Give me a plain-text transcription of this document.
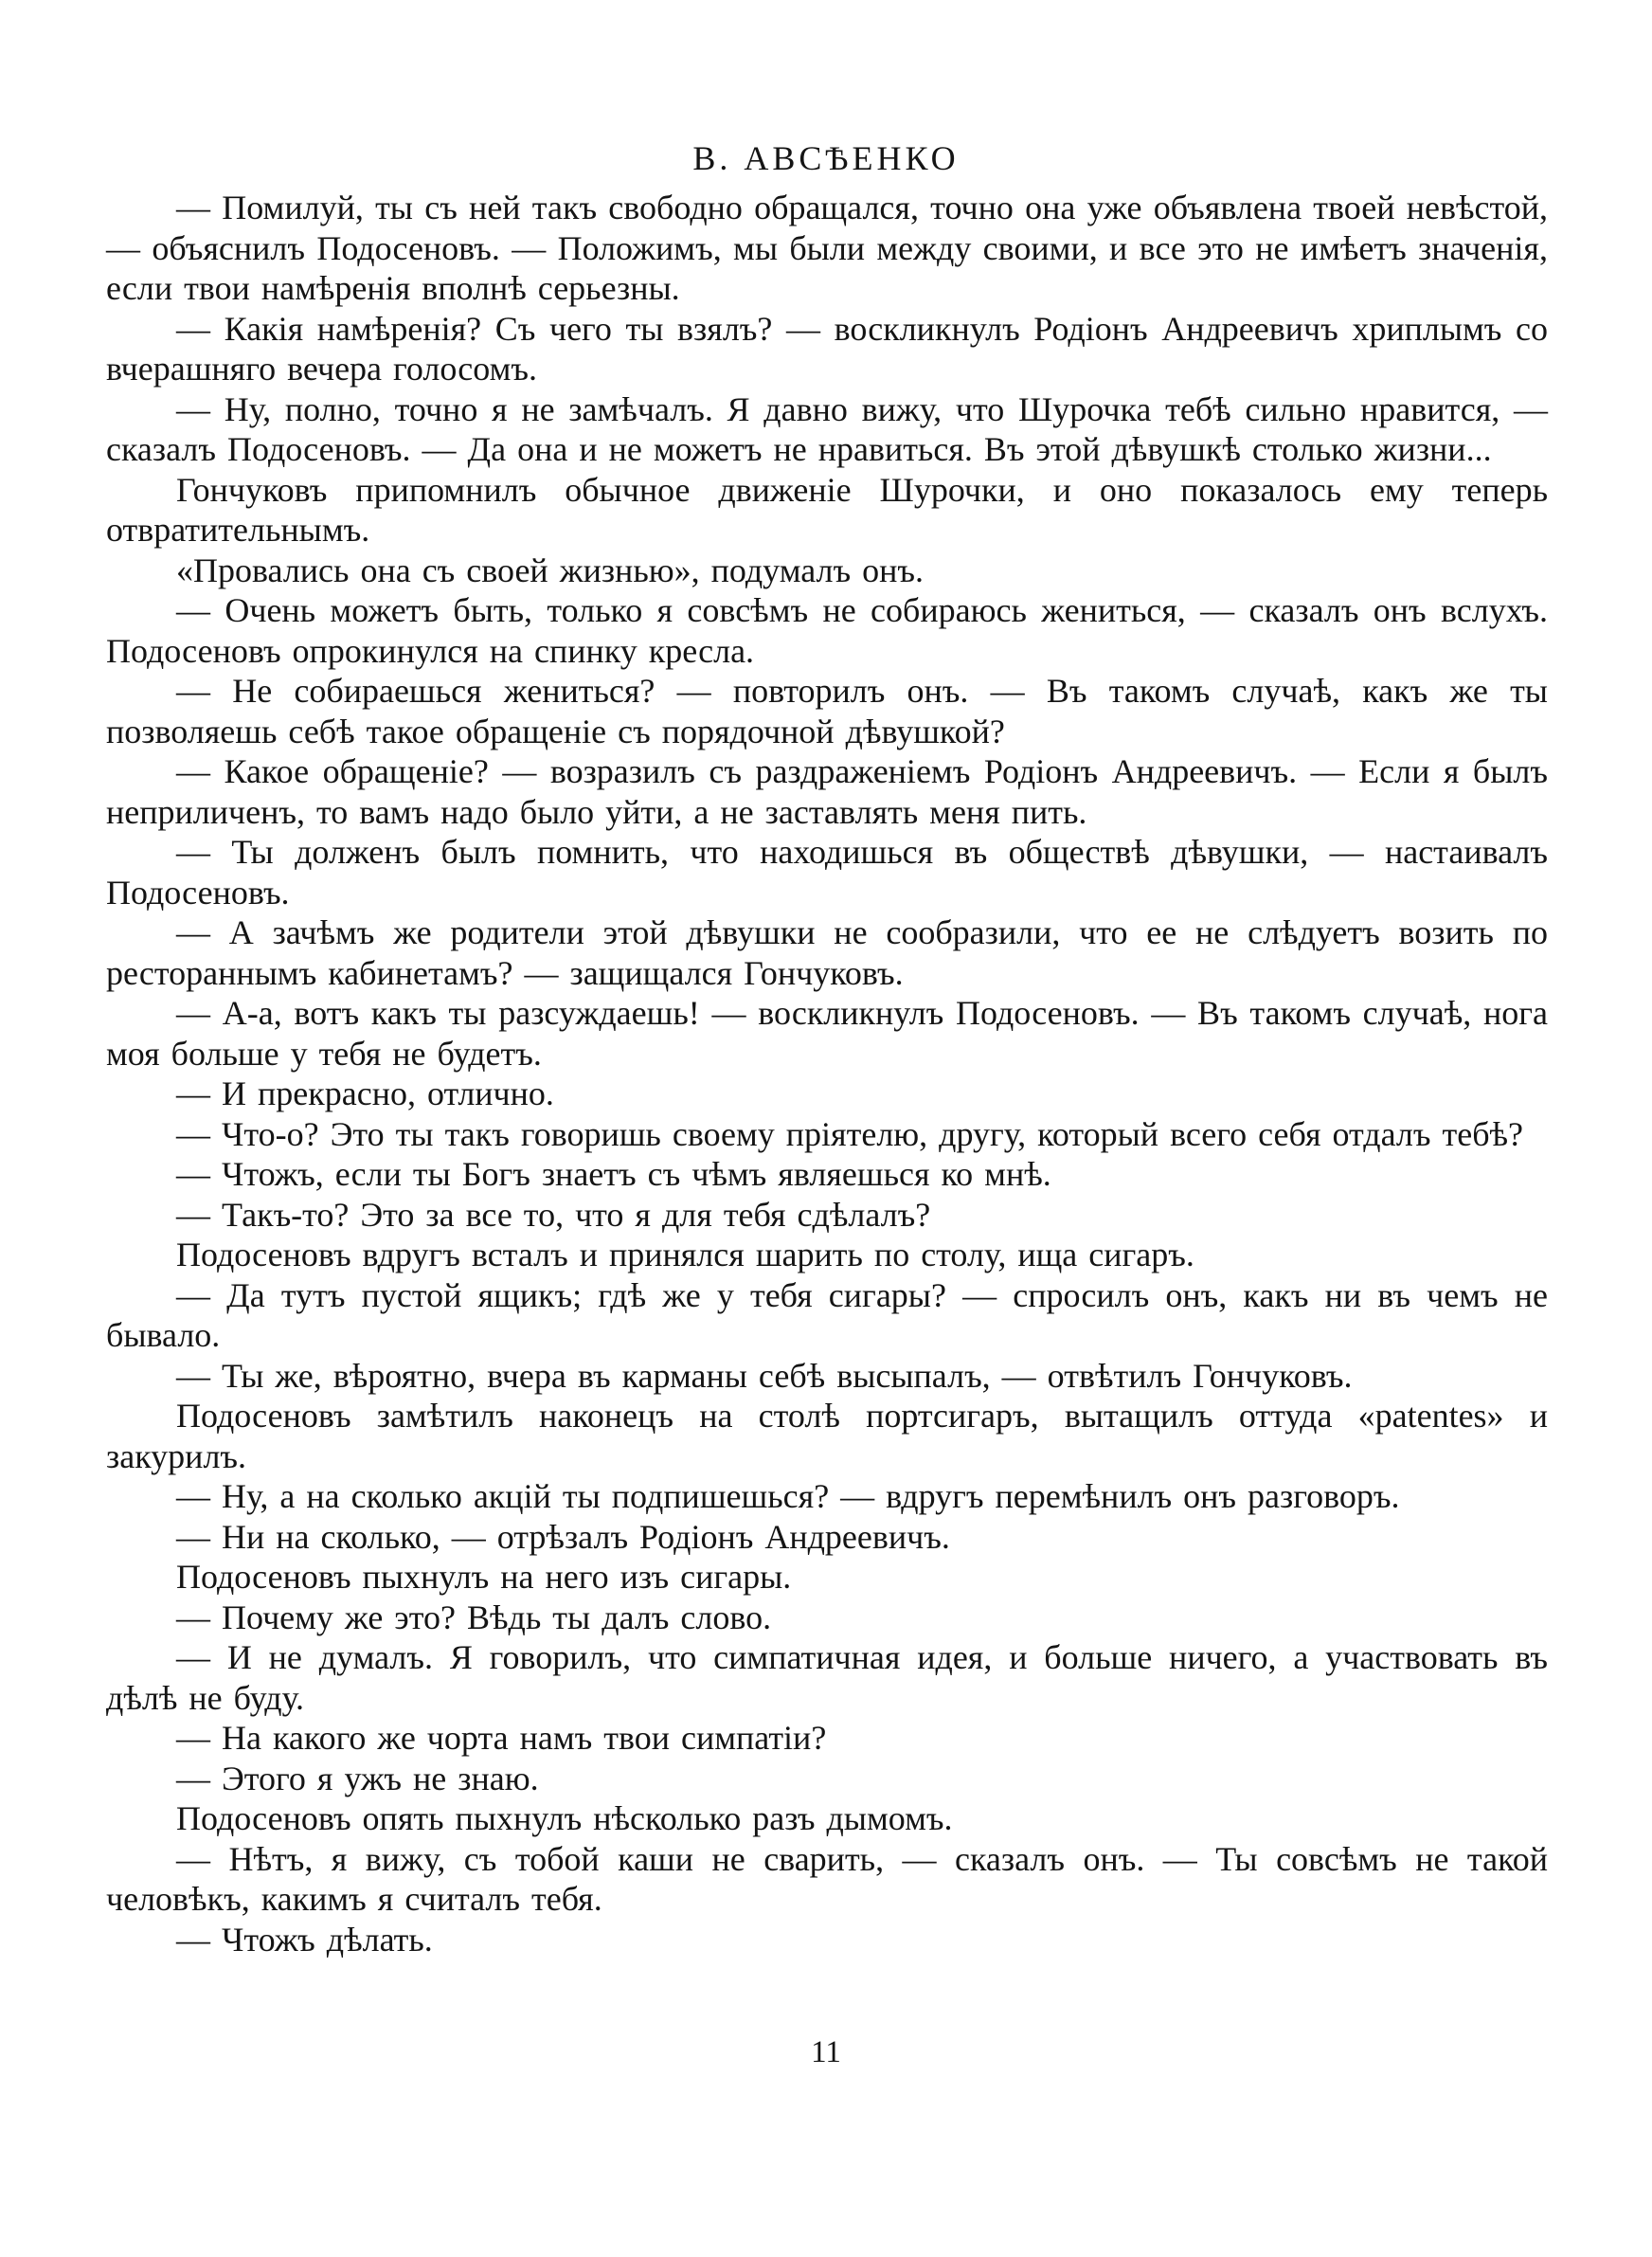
В. АВСѢЕНКО

— Помилуй, ты съ ней такъ свободно обращался, точно она уже объявлена твоей невѣстой, — объяснилъ Подосеновъ. — Положимъ, мы были между своими, и все это не имѣетъ значенія, если твои намѣренія вполнѣ серьезны.

— Какія намѣренія? Съ чего ты взялъ? — воскликнулъ Родіонъ Андреевичъ хриплымъ со вчерашняго вечера голосомъ.

— Ну, полно, точно я не замѣчалъ. Я давно вижу, что Шурочка тебѣ сильно нравится, — сказалъ Подосеновъ. — Да она и не можетъ не нравиться. Въ этой дѣвушкѣ столько жизни...

Гончуковъ припомнилъ обычное движеніе Шурочки, и оно показалось ему теперь отвратительнымъ.

«Провались она съ своей жизнью», подумалъ онъ.

— Очень можетъ быть, только я совсѣмъ не собираюсь жениться, — сказалъ онъ вслухъ. Подосеновъ опрокинулся на спинку кресла.

— Не собираешься жениться? — повторилъ онъ. — Въ такомъ случаѣ, какъ же ты позволяешь себѣ такое обращеніе съ порядочной дѣвушкой?

— Какое обращеніе? — возразилъ съ раздраженіемъ Родіонъ Андреевичъ. — Если я былъ неприличенъ, то вамъ надо было уйти, а не заставлять меня пить.

— Ты долженъ былъ помнить, что находишься въ обществѣ дѣвушки, — настаивалъ Подосеновъ.

— А зачѣмъ же родители этой дѣвушки не сообразили, что ее не слѣдуетъ возить по рестораннымъ кабинетамъ? — защищался Гончуковъ.

— А-а, вотъ какъ ты разсуждаешь! — воскликнулъ Подосеновъ. — Въ такомъ случаѣ, нога моя больше у тебя не будетъ.

— И прекрасно, отлично.

— Что-о? Это ты такъ говоришь своему пріятелю, другу, который всего себя отдалъ тебѣ?

— Чтожъ, если ты Богъ знаетъ съ чѣмъ являешься ко мнѣ.

— Такъ-то? Это за все то, что я для тебя сдѣлалъ?

Подосеновъ вдругъ всталъ и принялся шарить по столу, ища сигаръ.

— Да тутъ пустой ящикъ; гдѣ же у тебя сигары? — спросилъ онъ, какъ ни въ чемъ не бывало.

— Ты же, вѣроятно, вчера въ карманы себѣ высыпалъ, — отвѣтилъ Гончуковъ.

Подосеновъ замѣтилъ наконецъ на столѣ портсигаръ, вытащилъ оттуда «patentes» и закурилъ.

— Ну, а на сколько акцій ты подпишешься? — вдругъ перемѣнилъ онъ разговоръ.

— Ни на сколько, — отрѣзалъ Родіонъ Андреевичъ.

Подосеновъ пыхнулъ на него изъ сигары.

— Почему же это? Вѣдь ты далъ слово.

— И не думалъ. Я говорилъ, что симпатичная идея, и больше ничего, а участвовать въ дѣлѣ не буду.

— На какого же чорта намъ твои симпатіи?

— Этого я ужъ не знаю.

Подосеновъ опять пыхнулъ нѣсколько разъ дымомъ.

— Нѣтъ, я вижу, съ тобой каши не сварить, — сказалъ онъ. — Ты совсѣмъ не такой человѣкъ, какимъ я считалъ тебя.

— Чтожъ дѣлать.

11
